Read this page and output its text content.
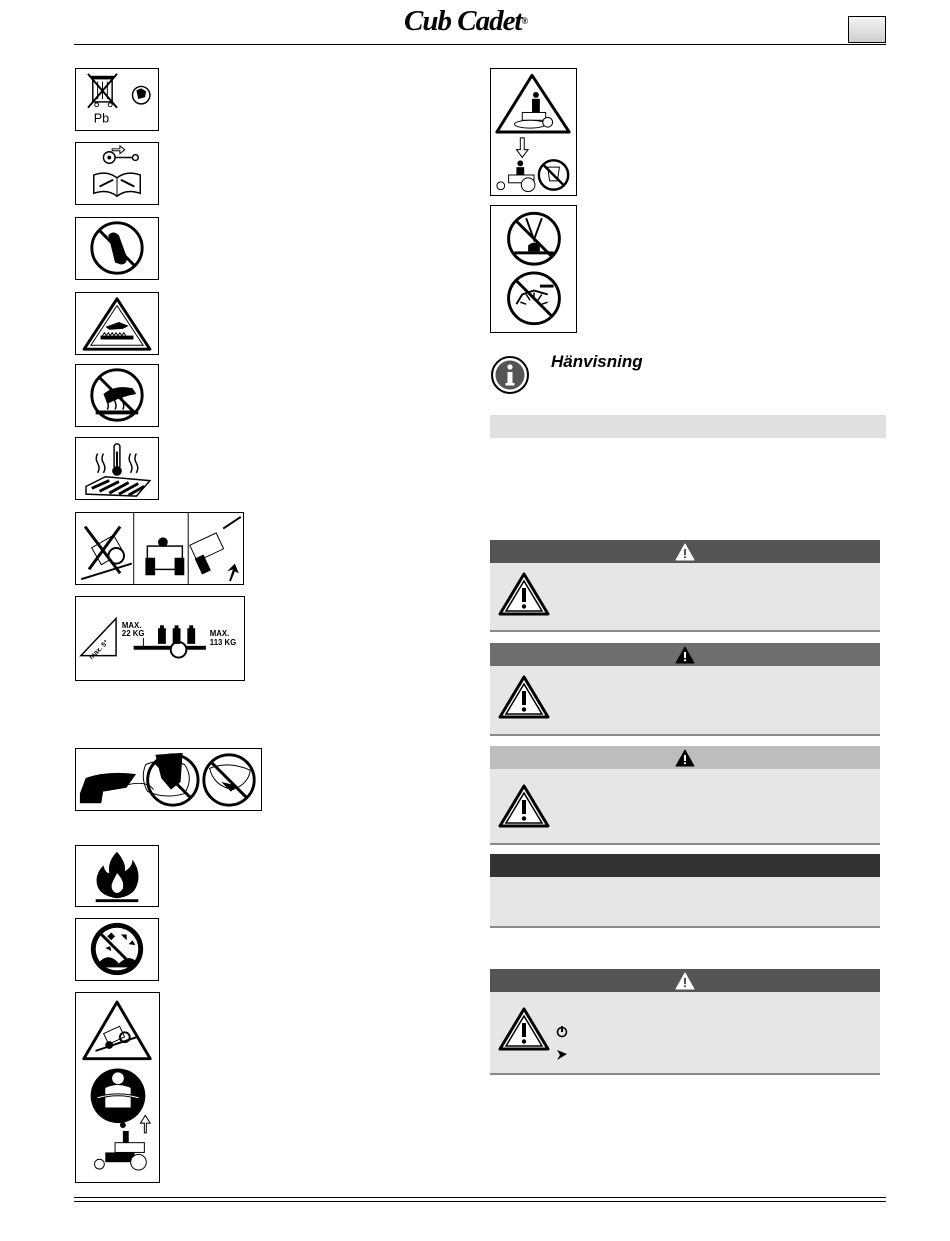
Cub Cadet®
Pb
max. 5°
MAX.
22 KG	MAX.
113 KG
Hänvisning
